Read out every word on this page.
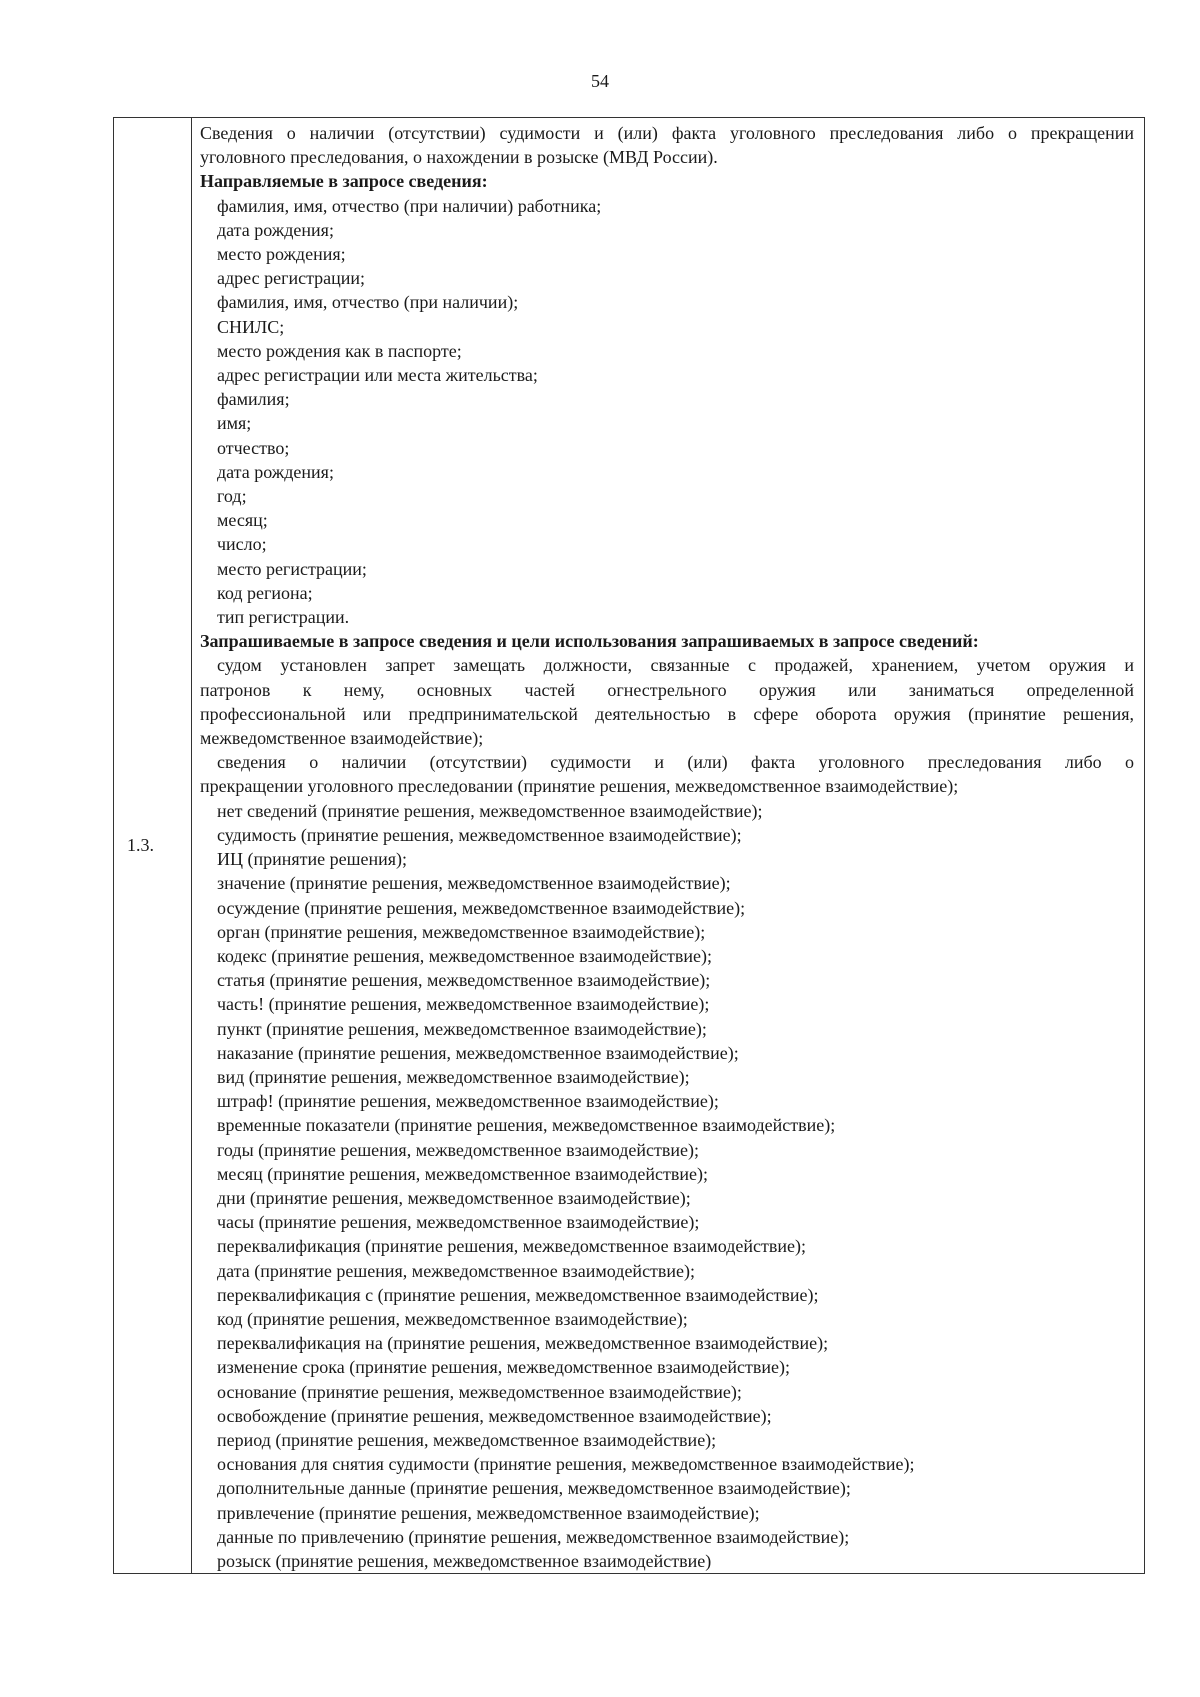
54
1.3.

Сведения о наличии (отсутствии) судимости и (или) факта уголовного преследования либо о прекращении
уголовного преследования, о нахождении в розыске (МВД России).
Направляемые в запросе сведения:
фамилия, имя, отчество (при наличии) работника;
дата рождения;
место рождения;
адрес регистрации;
фамилия, имя, отчество (при наличии);
СНИЛС;
место рождения как в паспорте;
адрес регистрации или места жительства;
фамилия;
имя;
отчество;
дата рождения;
год;
месяц;
число;
место регистрации;
код региона;
тип регистрации.
Запрашиваемые в запросе сведения и цели использования запрашиваемых в запросе сведений:
судом установлен запрет замещать должности, связанные с продажей, хранением, учетом оружия и
патронов к нему, основных частей огнестрельного оружия или заниматься определенной
профессиональной или предпринимательской деятельностью в сфере оборота оружия (принятие решения,
межведомственное взаимодействие);
сведения о наличии (отсутствии) судимости и (или) факта уголовного преследования либо о
прекращении уголовного преследовании (принятие решения, межведомственное взаимодействие);
нет сведений (принятие решения, межведомственное взаимодействие);
судимость (принятие решения, межведомственное взаимодействие);
ИЦ (принятие решения);
значение (принятие решения, межведомственное взаимодействие);
осуждение (принятие решения, межведомственное взаимодействие);
орган (принятие решения, межведомственное взаимодействие);
кодекс (принятие решения, межведомственное взаимодействие);
статья (принятие решения, межведомственное взаимодействие);
часть! (принятие решения, межведомственное взаимодействие);
пункт (принятие решения, межведомственное взаимодействие);
наказание (принятие решения, межведомственное взаимодействие);
вид (принятие решения, межведомственное взаимодействие);
штраф! (принятие решения, межведомственное взаимодействие);
временные показатели (принятие решения, межведомственное взаимодействие);
годы (принятие решения, межведомственное взаимодействие);
месяц (принятие решения, межведомственное взаимодействие);
дни (принятие решения, межведомственное взаимодействие);
часы (принятие решения, межведомственное взаимодействие);
переквалификация (принятие решения, межведомственное взаимодействие);
дата (принятие решения, межведомственное взаимодействие);
переквалификация с (принятие решения, межведомственное взаимодействие);
код (принятие решения, межведомственное взаимодействие);
переквалификация на (принятие решения, межведомственное взаимодействие);
изменение срока (принятие решения, межведомственное взаимодействие);
основание (принятие решения, межведомственное взаимодействие);
освобождение (принятие решения, межведомственное взаимодействие);
период (принятие решения, межведомственное взаимодействие);
основания для снятия судимости (принятие решения, межведомственное взаимодействие);
дополнительные данные (принятие решения, межведомственное взаимодействие);
привлечение (принятие решения, межведомственное взаимодействие);
данные по привлечению (принятие решения, межведомственное взаимодействие);
розыск (принятие решения, межведомственное взаимодействие)
